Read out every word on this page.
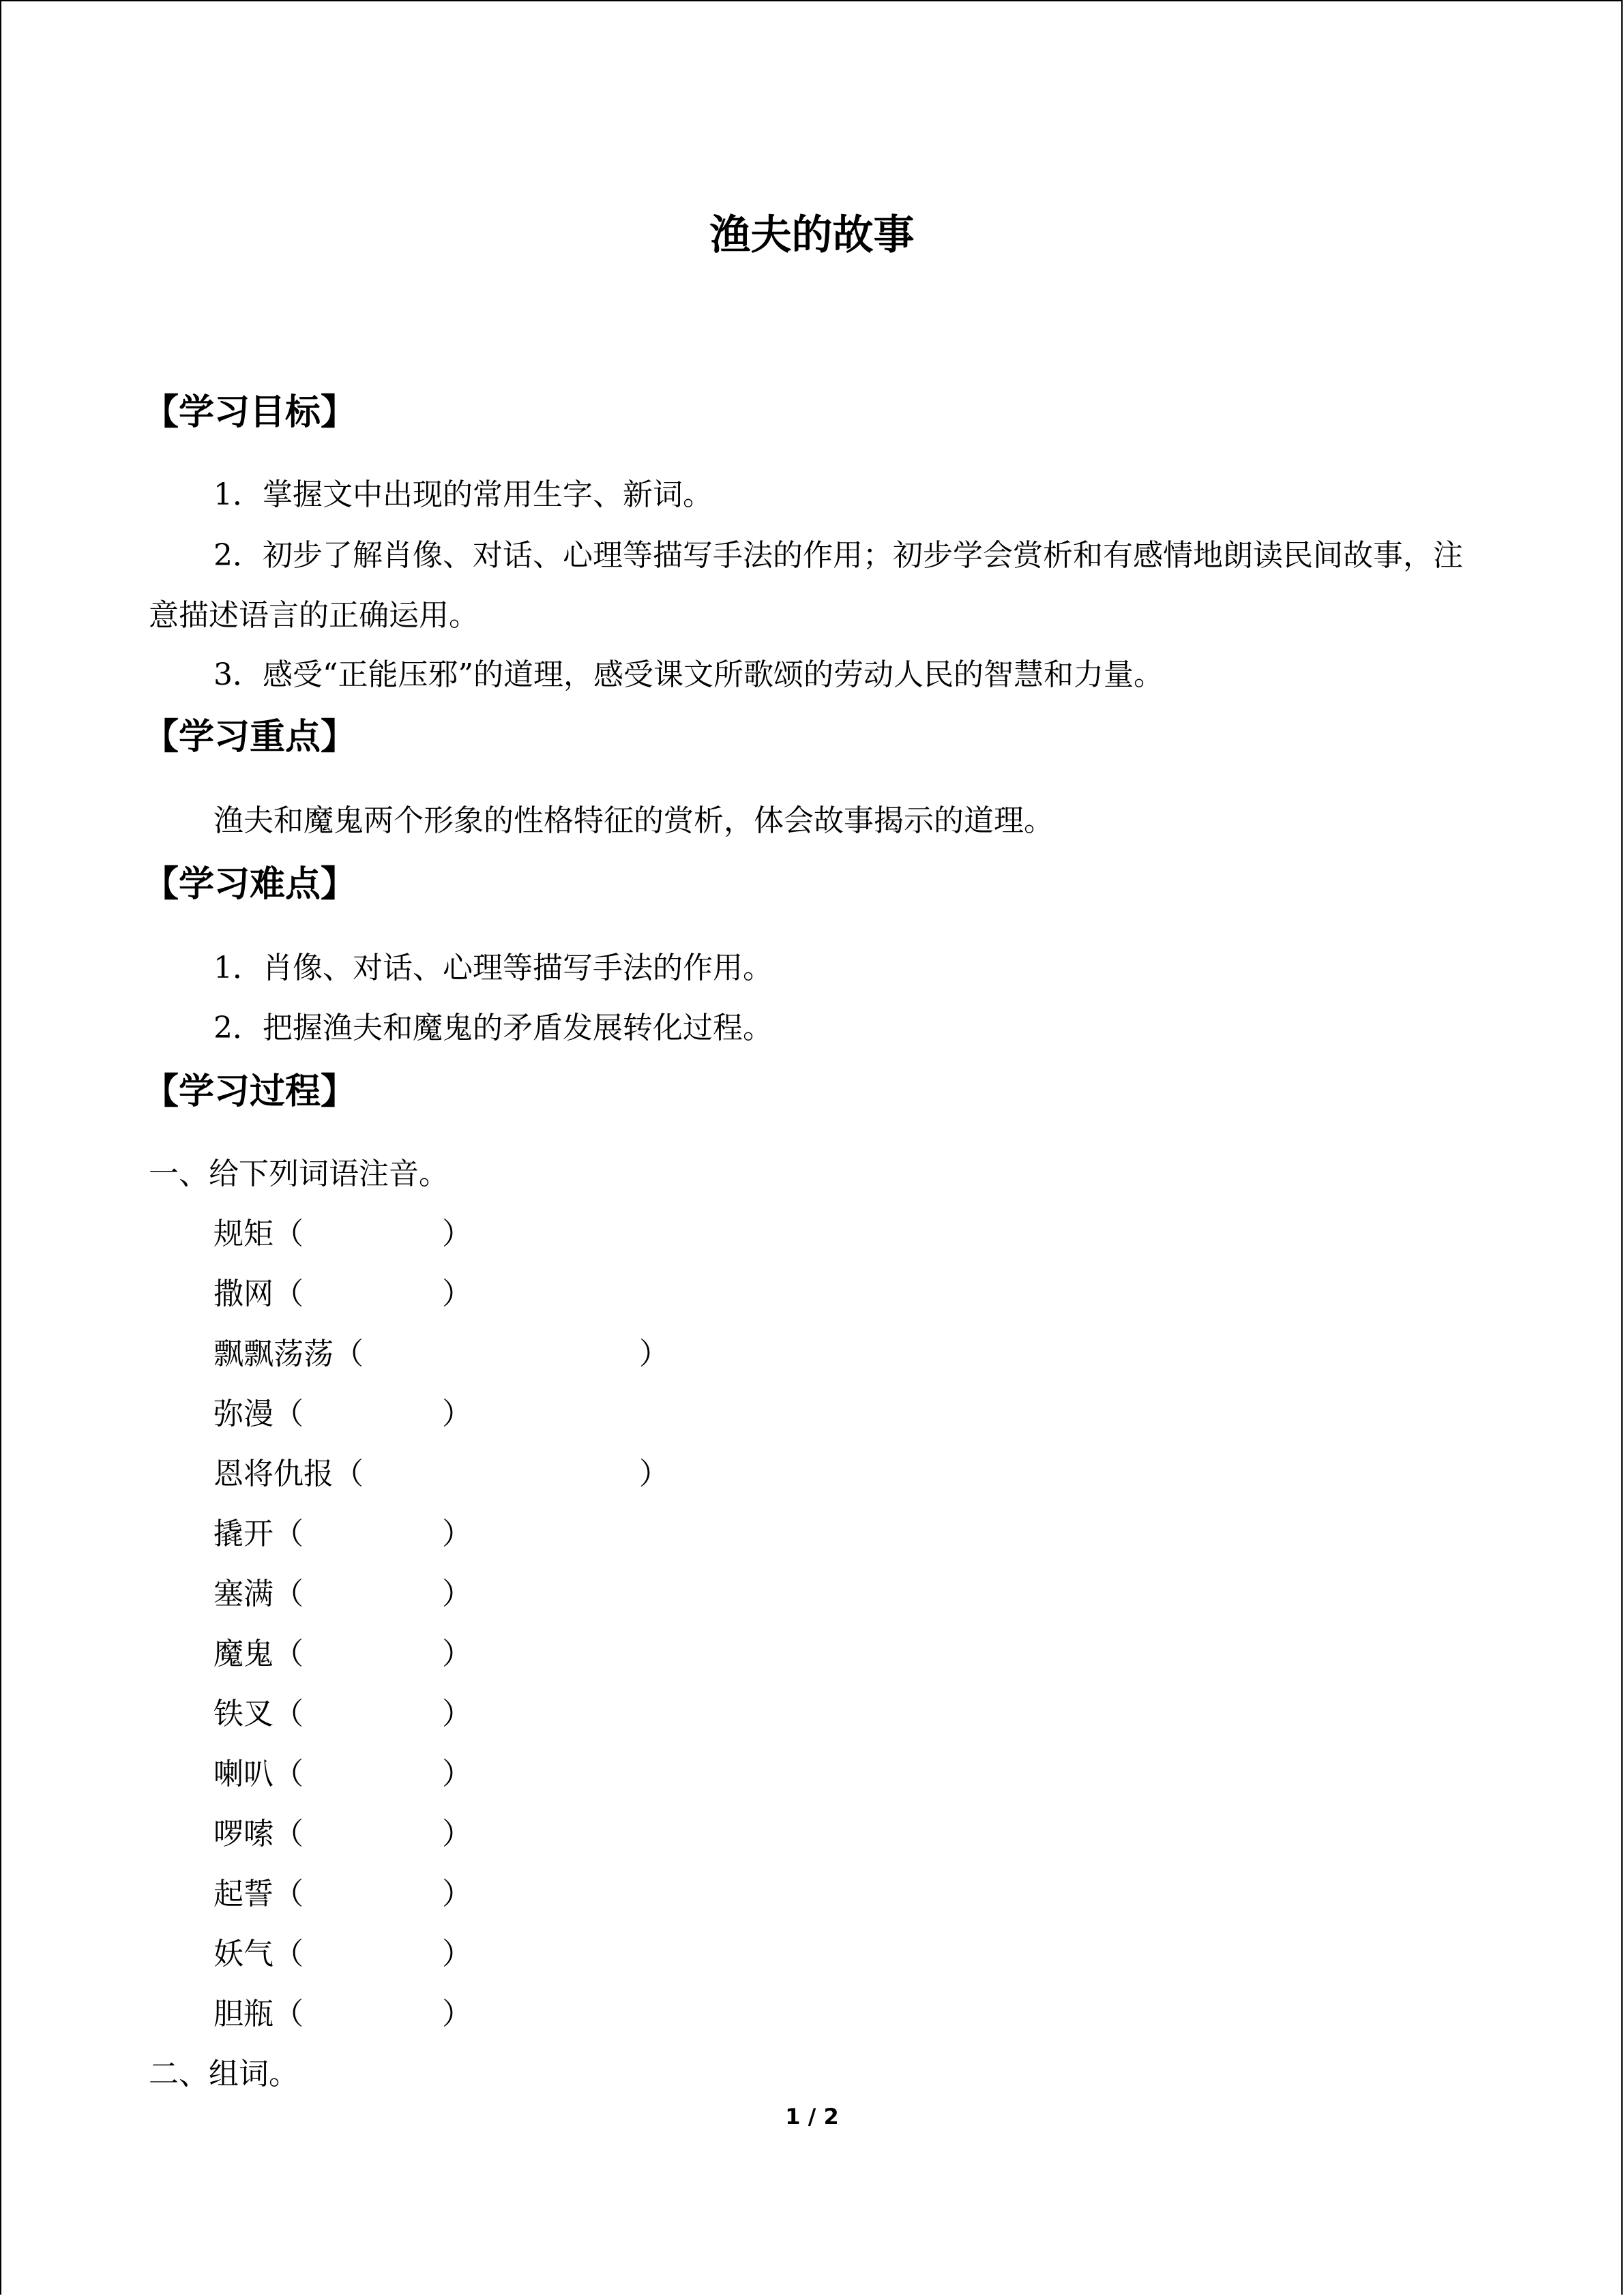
渔夫的故事
【学习目标】
1．掌握文中出现的常用生字、新词。
2．初步了解肖像、对话、心理等描写手法的作用；初步学会赏析和有感情地朗读民间故事，注意描述语言的正确运用。
3．感受“正能压邪”的道理，感受课文所歌颂的劳动人民的智慧和力量。
【学习重点】
渔夫和魔鬼两个形象的性格特征的赏析，体会故事揭示的道理。
【学习难点】
1．肖像、对话、心理等描写手法的作用。
2．把握渔夫和魔鬼的矛盾发展转化过程。
【学习过程】
一、给下列词语注音。
规矩（	）
撒网（	）
飘飘荡荡（	）
弥漫（	）
恩将仇报（	）
撬开（	）
塞满（	）
魔鬼（	）
铁叉（	）
喇叭（	）
啰嗦（	）
起誓（	）
妖气（	）
胆瓶（	）
二、组词。
1 / 2
